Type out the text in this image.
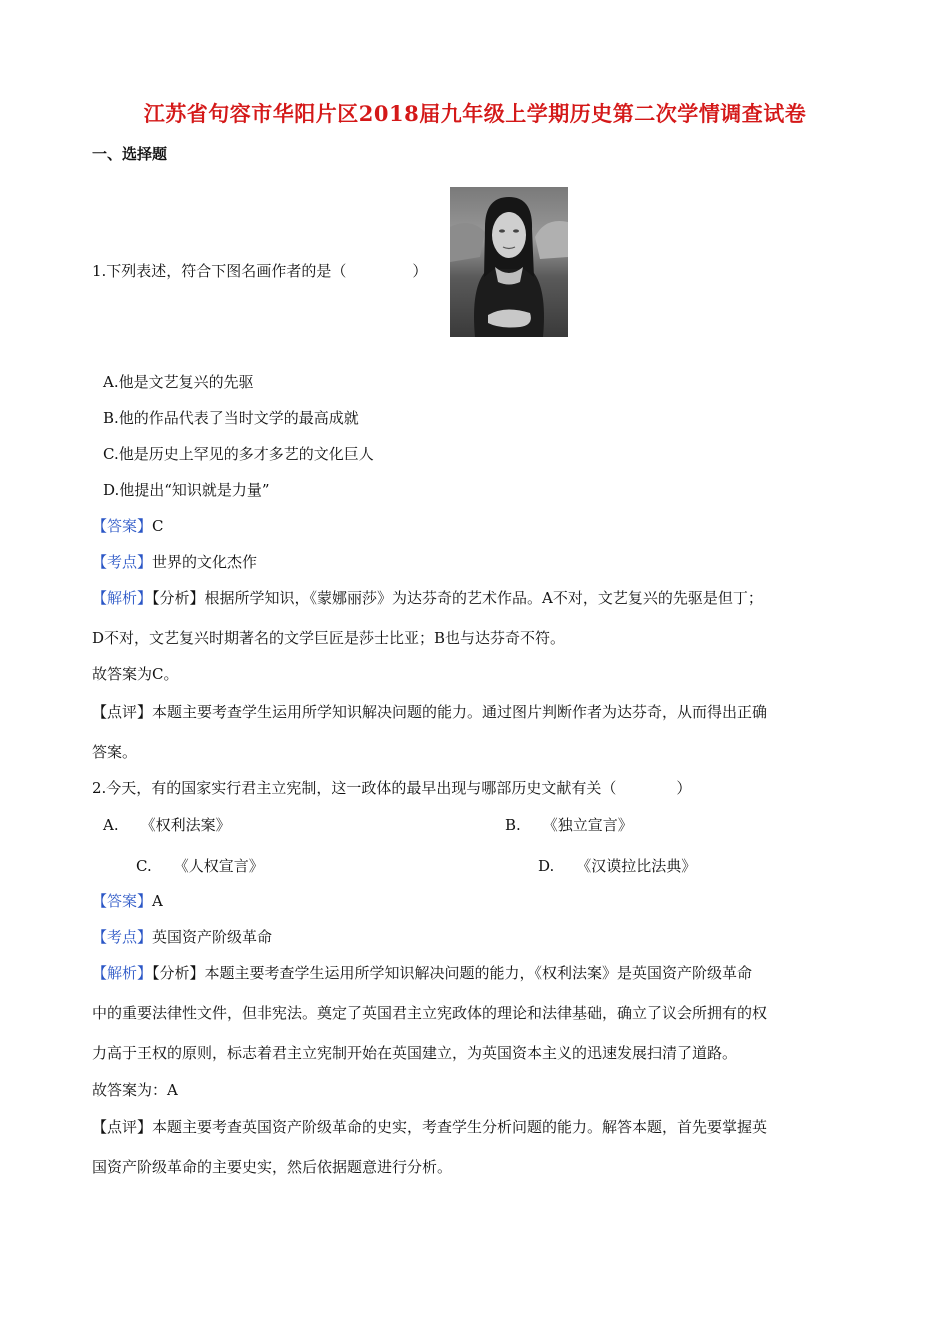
江苏省句容市华阳片区2018届九年级上学期历史第二次学情调查试卷
一、选择题
1.下列表述，符合下图名画作者的是（	）
A.他是文艺复兴的先驱
B.他的作品代表了当时文学的最高成就
C.他是历史上罕见的多才多艺的文化巨人
D.他提出“知识就是力量”
【答案】C
【考点】世界的文化杰作
【解析】【分析】根据所学知识，《蒙娜丽莎》为达芬奇的艺术作品。A不对，文艺复兴的先驱是但丁；
D不对，文艺复兴时期著名的文学巨匠是莎士比亚；B也与达芬奇不符。
故答案为C。
【点评】本题主要考查学生运用所学知识解决问题的能力。通过图片判断作者为达芬奇，从而得出正确
答案。
2.今天，有的国家实行君主立宪制，这一政体的最早出现与哪部历史文献有关（	）
A. 《权利法案》	B. 《独立宣言》
C. 《人权宣言》	D. 《汉谟拉比法典》
【答案】A
【考点】英国资产阶级革命
【解析】【分析】本题主要考查学生运用所学知识解决问题的能力，《权利法案》是英国资产阶级革命
中的重要法律性文件，但非宪法。奠定了英国君主立宪政体的理论和法律基础，确立了议会所拥有的权
力高于王权的原则，标志着君主立宪制开始在英国建立，为英国资本主义的迅速发展扫清了道路。
故答案为：A
【点评】本题主要考查英国资产阶级革命的史实，考查学生分析问题的能力。解答本题，首先要掌握英
国资产阶级革命的主要史实，然后依据题意进行分析。
